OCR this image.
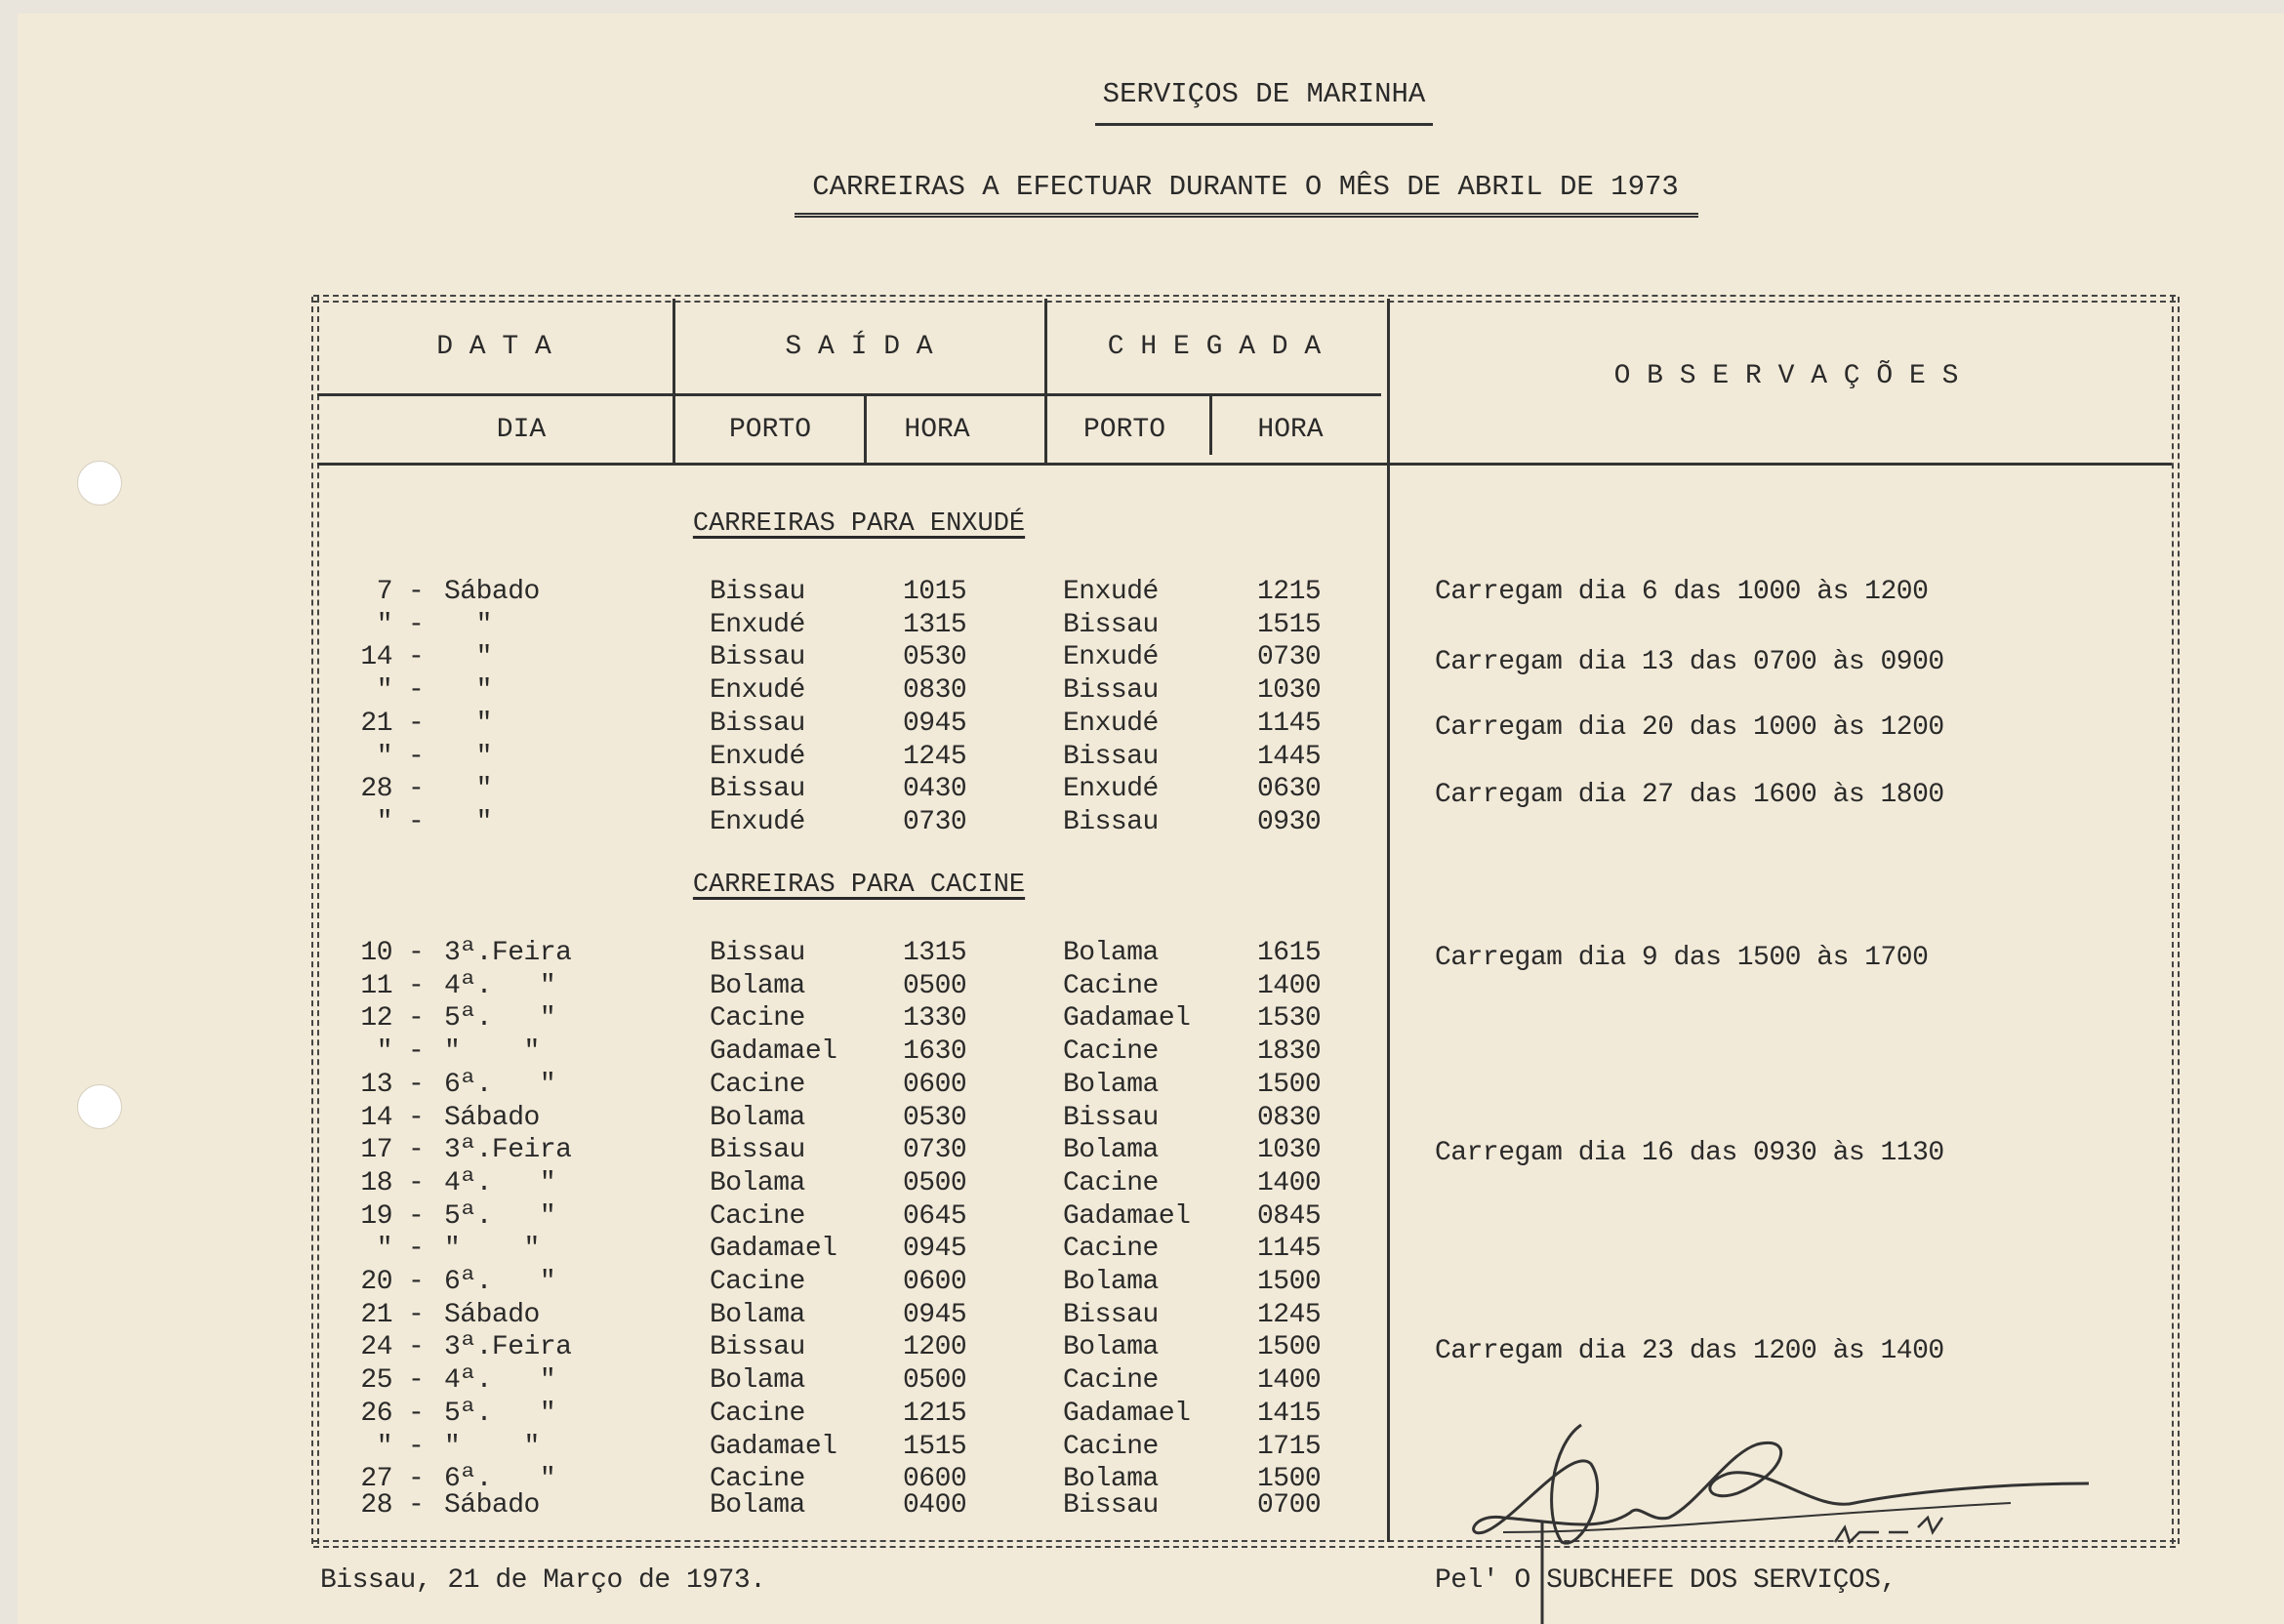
SERVIÇOS DE MARINHA
CARREIRAS A EFECTUAR DURANTE O MÊS DE ABRIL DE 1973
D A T A	S A Í D A	C H E G A D A
O B S E R V A Ç Õ E S
DIA	PORTO	HORA	PORTO	HORA
CARREIRAS PARA ENXUDÉ
7 - Sábado	Bissau	1015	Enxudé	1215
" - "	Enxudé	1315	Bissau	1515
14 - "	Bissau	0530	Enxudé	0730
" - "	Enxudé	0830	Bissau	1030
21 - "	Bissau	0945	Enxudé	1145
" - "	Enxudé	1245	Bissau	1445
28 - "	Bissau	0430	Enxudé	0630
" - "	Enxudé	0730	Bissau	0930
CARREIRAS PARA CACINE
10 - 3ª.Feira	Bissau	1315	Bolama	1615
11 - 4ª.   "	Bolama	0500	Cacine	1400
12 - 5ª.   "	Cacine	1330	Gadamael 1530
" - "    "	Gadamael 1630	Cacine	1830
13 - 6ª.   "	Cacine	0600	Bolama	1500
14 - Sábado	Bolama	0530	Bissau	0830
17 - 3ª.Feira	Bissau	0730	Bolama	1030
18 - 4ª.   "	Bolama	0500	Cacine	1400
19 - 5ª.   "	Cacine	0645	Gadamael 0845
" - "    "	Gadamael 0945	Cacine	1145
20 - 6ª.   "	Cacine	0600	Bolama	1500
21 - Sábado	Bolama	0945	Bissau	1245
24 - 3ª.Feira	Bissau	1200	Bolama	1500
25 - 4ª.   "	Bolama	0500	Cacine	1400
26 - 5ª.   "	Cacine	1215	Gadamael 1415
" - "    "	Gadamael 1515	Cacine	1715
27 - 6ª.   "	Cacine	0600	Bolama	1500
28 - Sábado	Bolama	0400	Bissau	0700
Carregam dia 6 das 1000 às 1200
Carregam dia 13 das 0700 às 0900
Carregam dia 20 das 1000 às 1200
Carregam dia 27 das 1600 às 1800
Carregam dia 9 das 1500 às 1700
Carregam dia 16 das 0930 às 1130
Carregam dia 23 das 1200 às 1400
Bissau, 21 de Março de 1973.	Pel' O SUBCHEFE DOS SERVIÇOS,
